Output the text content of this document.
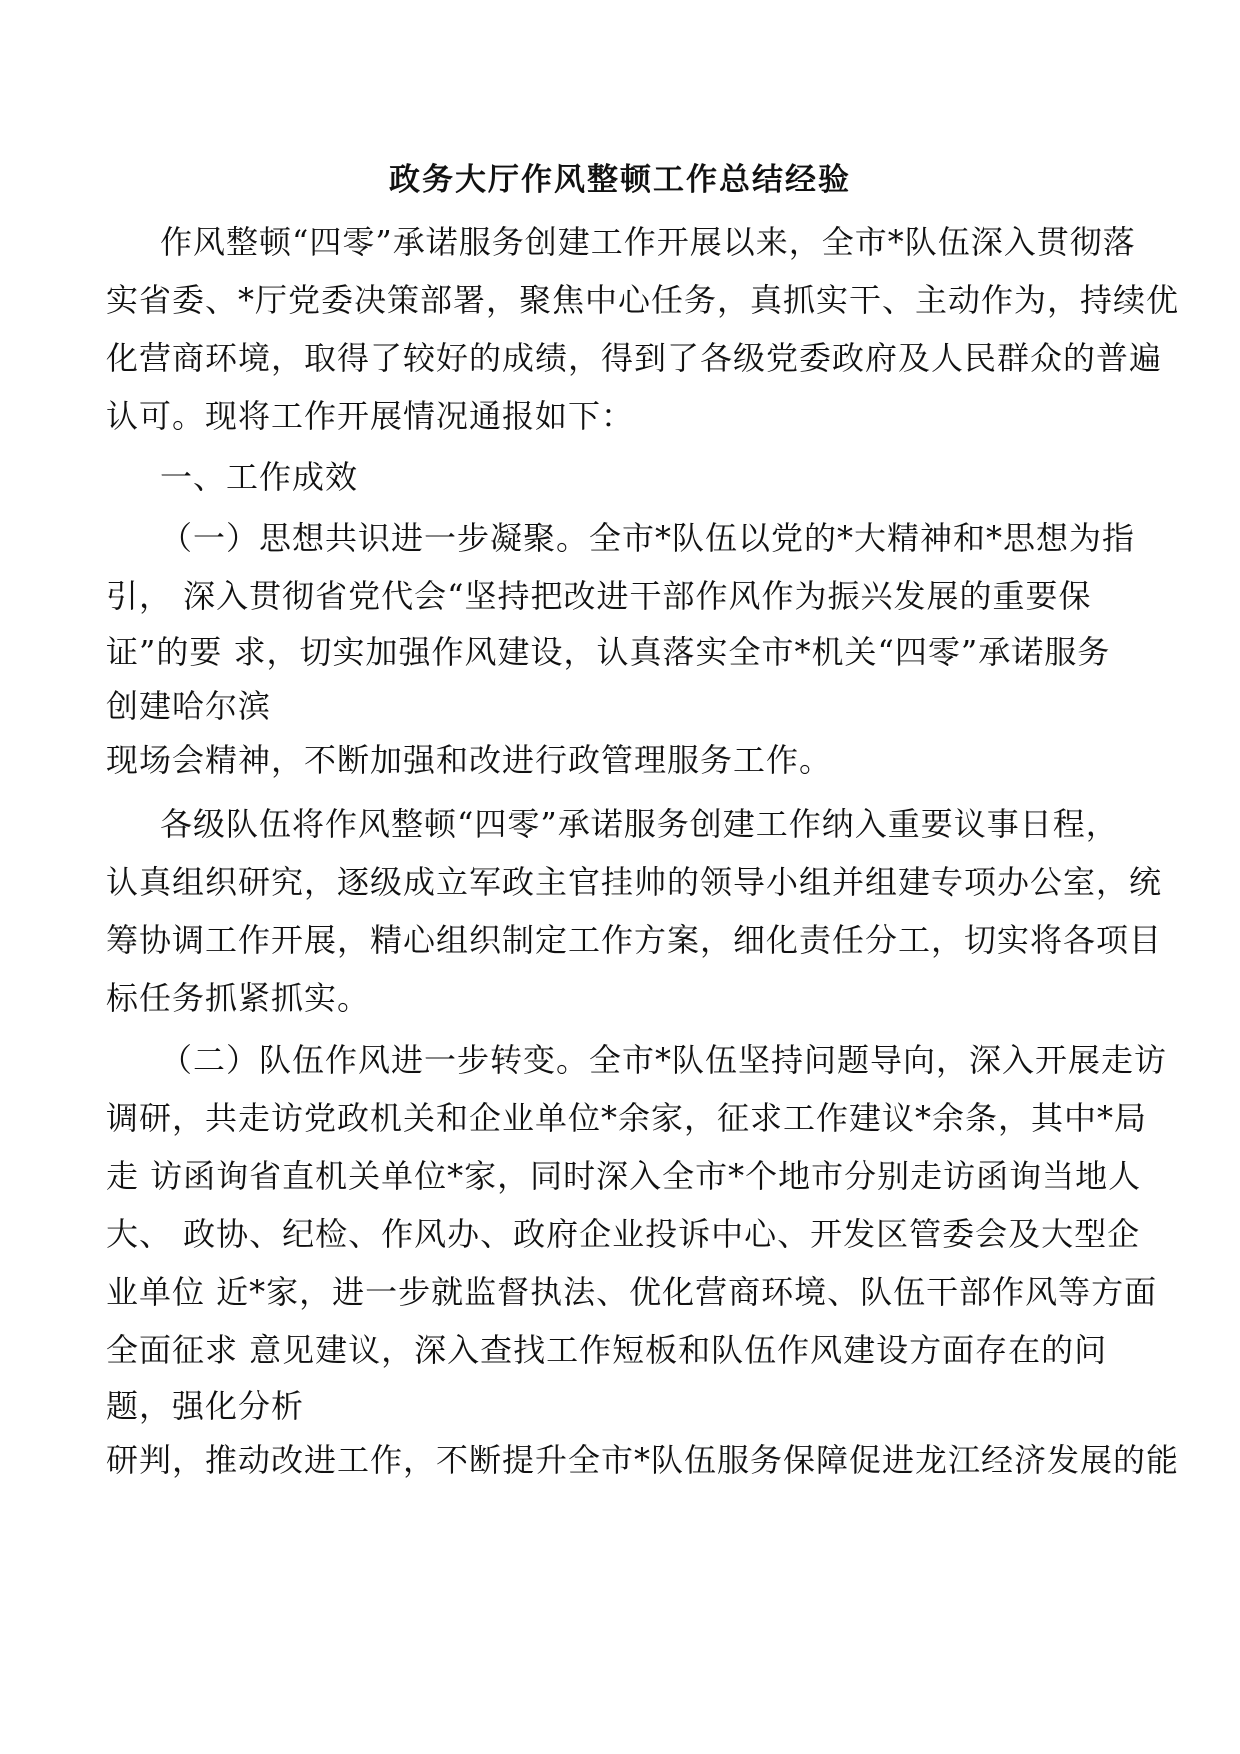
政务大厅作风整顿工作总结经验
作风整顿“四零”承诺服务创建工作开展以来，全市*队伍深入贯彻落
实省委、*厅党委决策部署，聚焦中心任务，真抓实干、主动作为，持续优
化营商环境，取得了较好的成绩，得到了各级党委政府及人民群众的普遍
认可。现将工作开展情况通报如下：
一、工作成效
（一）思想共识进一步凝聚。全市*队伍以党的*大精神和*思想为指
引， 深入贯彻省党代会“坚持把改进干部作风作为振兴发展的重要保
证”的要 求，切实加强作风建设，认真落实全市*机关“四零”承诺服务
创建哈尔滨
现场会精神，不断加强和改进行政管理服务工作。
各级队伍将作风整顿“四零”承诺服务创建工作纳入重要议事日程，
认真组织研究，逐级成立军政主官挂帅的领导小组并组建专项办公室，统
筹协调工作开展，精心组织制定工作方案，细化责任分工，切实将各项目
标任务抓紧抓实。
（二）队伍作风进一步转变。全市*队伍坚持问题导向，深入开展走访
调研，共走访党政机关和企业单位*余家，征求工作建议*余条，其中*局
走 访函询省直机关单位*家，同时深入全市*个地市分别走访函询当地人
大、 政协、纪检、作风办、政府企业投诉中心、开发区管委会及大型企
业单位 近*家，进一步就监督执法、优化营商环境、队伍干部作风等方面
全面征求 意见建议，深入查找工作短板和队伍作风建设方面存在的问
题，强化分析
研判，推动改进工作，不断提升全市*队伍服务保障促进龙江经济发展的能
